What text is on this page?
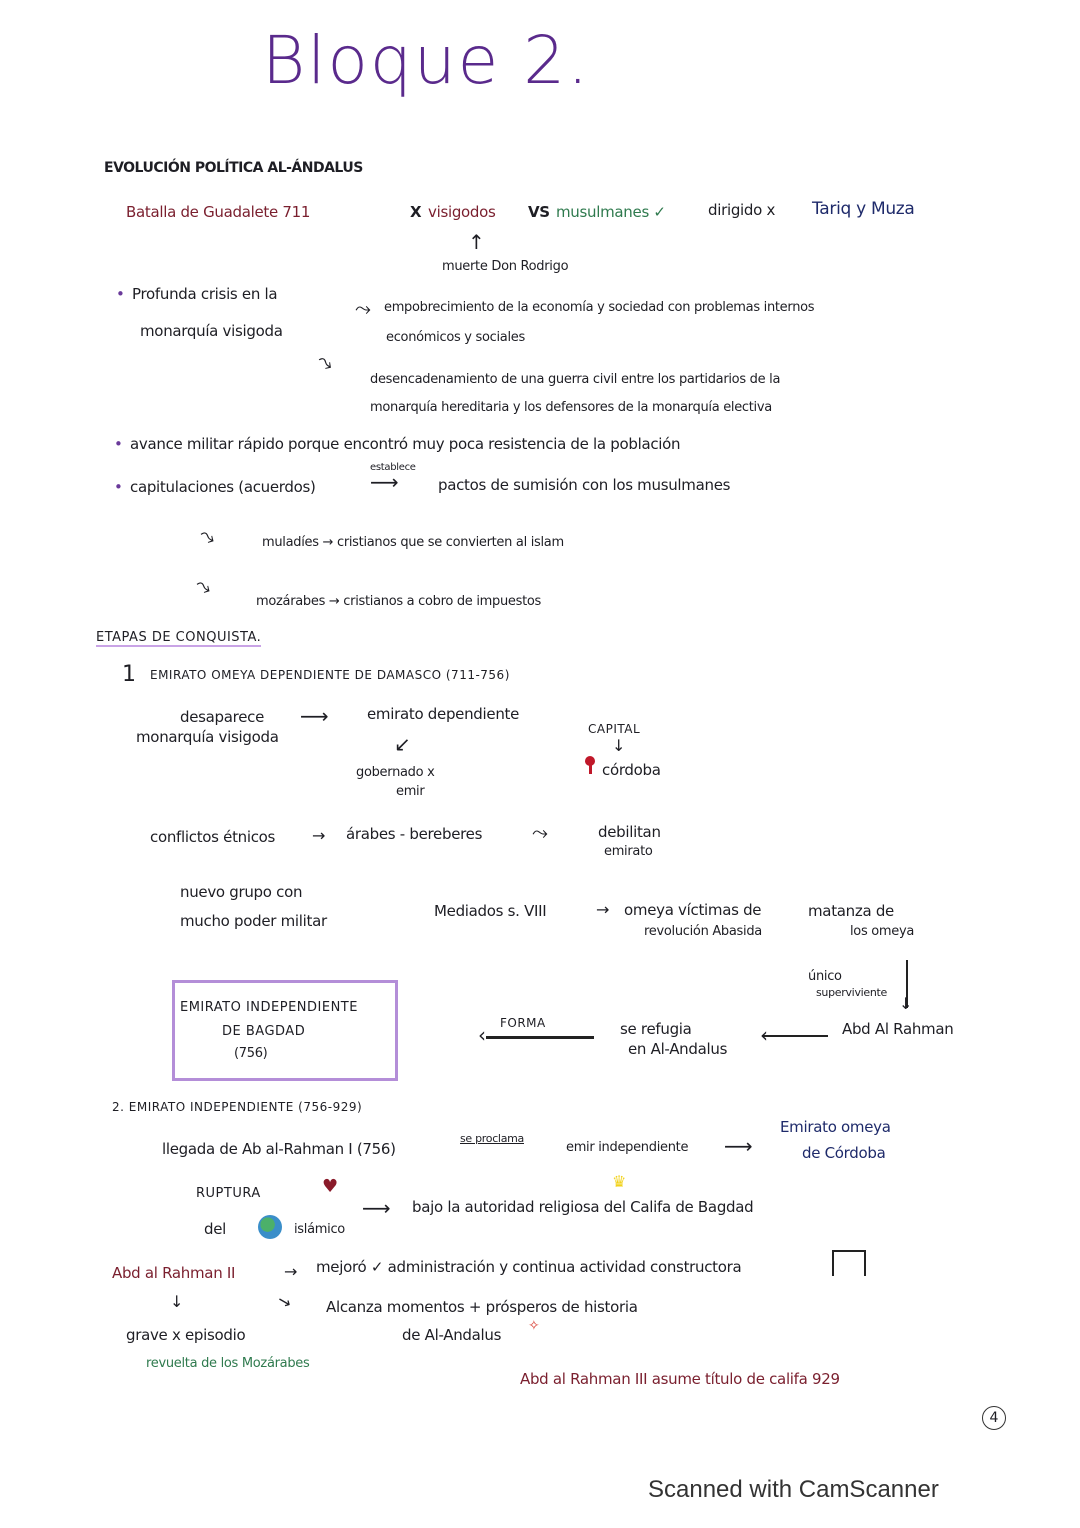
Bloque 2.
EVOLUCIÓN POLÍTICA AL-ÁNDALUS
Batalla de Guadalete 711	X visigodos VS musulmanes ✓	dirigido x Tariq y Muza
↑
muerte Don Rodrigo
• Profunda crisis en la
monarquía visigoda
⤳ empobrecimiento de la economía y sociedad con problemas internos
económicos y sociales
⤳
desencadenamiento de una guerra civil entre los partidarios de la
monarquía hereditaria y los defensores de la monarquía electiva
• avance militar rápido porque encontró muy poca resistencia de la población
• capitulaciones (acuerdos)
establece
⟶	pactos de sumisión con los musulmanes
⤳	muladíes → cristianos que se convierten al islam
⤳
mozárabes → cristianos a cobro de impuestos
ETAPAS DE CONQUISTA.
1 EMIRATO OMEYA DEPENDIENTE DE DAMASCO (711-756)
desaparece
monarquía visigoda
⟶	emirato dependiente
↙
gobernado x
emir
CAPITAL
↓
córdoba
conflictos étnicos → árabes - bereberes ⤳	debilitan
emirato
nuevo grupo con
mucho poder militar
Mediados s. VIII	→ omeya víctimas de
revolución Abasida
matanza de
los omeya
único
superviviente
↓
Abd Al Rahman
‹
se refugia
en Al-Andalus
FORMA
‹
EMIRATO INDEPENDIENTE
DE BAGDAD
(756)
2. EMIRATO INDEPENDIENTE (756-929)
llegada de Ab al-Rahman I (756)
se proclama
emir independiente ⟶
Emirato omeya
de Córdoba
♛
RUPTURA	♥
del	islámico
⟶ bajo la autoridad religiosa del Califa de Bagdad
Abd al Rahman II	→ mejoró ✓ administración y continua actividad constructora
↓	→ Alcanza momentos + prósperos de historia
de Al-Andalus ✧
grave x episodio
revuelta de los Mozárabes
Abd al Rahman III asume título de califa 929
4
Scanned with CamScanner
